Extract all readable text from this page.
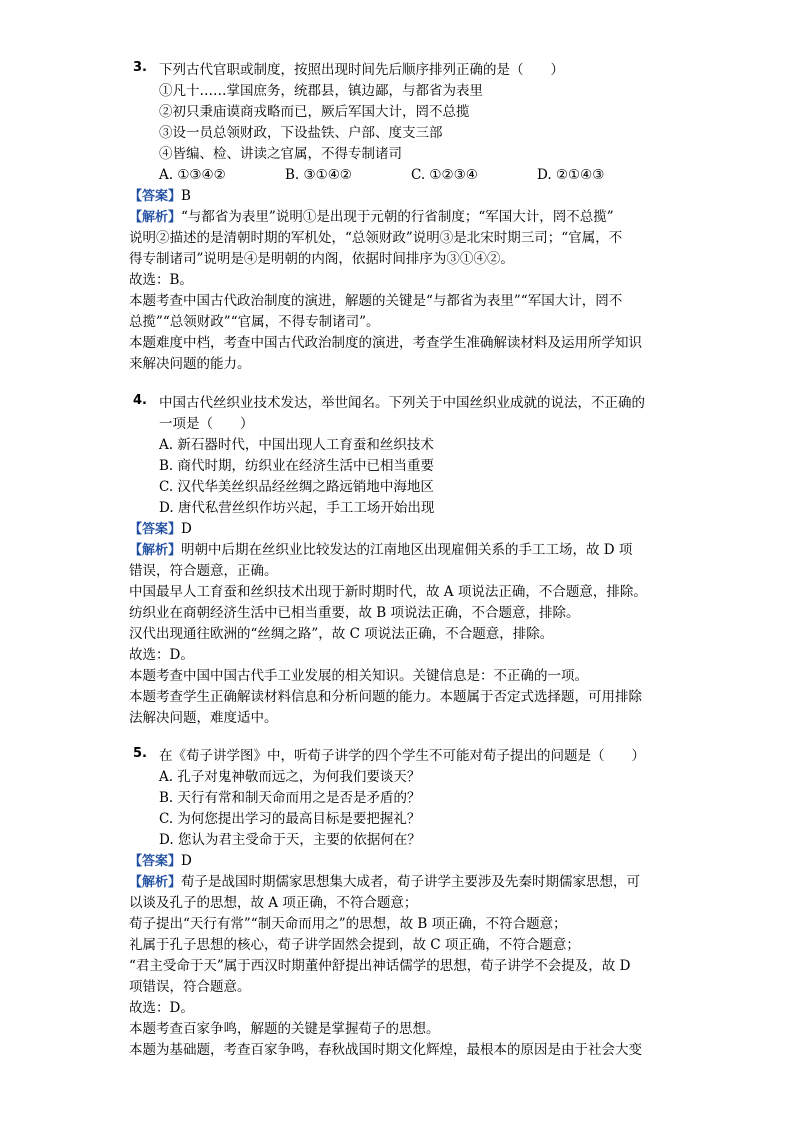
3. 下列古代官职或制度，按照出现时间先后顺序排列正确的是（　　）
①凡十……掌国庶务，统郡县，镇边鄙，与都省为表里
②初只秉庙谟商戎略而已，厥后军国大计，罔不总揽
③设一员总领财政，下设盐铁、户部、度支三部
④皆编、检、讲读之官属，不得专制诸司
A. ①③④②	B. ③①④②	C. ①②③④	D. ②①④③
【答案】B
【解析】“与都省为表里”说明①是出现于元朝的行省制度；“军国大计，罔不总揽”
说明②描述的是清朝时期的军机处，“总领财政”说明③是北宋时期三司；“官属，不
得专制诸司”说明是④是明朝的内阁，依据时间排序为③①④②。
故选：B。
本题考查中国古代政治制度的演进，解题的关键是“与都省为表里”“军国大计，罔不
总揽”“总领财政”“官属，不得专制诸司”。
本题难度中档，考查中国古代政治制度的演进，考查学生准确解读材料及运用所学知识
来解决问题的能力。
4. 中国古代丝织业技术发达，举世闻名。下列关于中国丝织业成就的说法，不正确的
一项是（　　）
A. 新石器时代，中国出现人工育蚕和丝织技术
B. 商代时期，纺织业在经济生活中已相当重要
C. 汉代华美丝织品经丝绸之路远销地中海地区
D. 唐代私营丝织作坊兴起，手工工场开始出现
【答案】D
【解析】明朝中后期在丝织业比较发达的江南地区出现雇佣关系的手工工场，故 D 项
错误，符合题意，正确。
中国最早人工育蚕和丝织技术出现于新时期时代，故 A 项说法正确，不合题意，排除。
纺织业在商朝经济生活中已相当重要，故 B 项说法正确，不合题意，排除。
汉代出现通往欧洲的“丝绸之路”，故 C 项说法正确，不合题意，排除。
故选：D。
本题考查中国中国古代手工业发展的相关知识。关键信息是：不正确的一项。
本题考查学生正确解读材料信息和分析问题的能力。本题属于否定式选择题，可用排除
法解决问题，难度适中。
5. 在《荀子讲学图》中，听荀子讲学的四个学生不可能对荀子提出的问题是（　　）
A. 孔子对鬼神敬而远之，为何我们要谈天？
B. 天行有常和制天命而用之是否是矛盾的？
C. 为何您提出学习的最高目标是要把握礼？
D. 您认为君主受命于天，主要的依据何在？
【答案】D
【解析】荀子是战国时期儒家思想集大成者，荀子讲学主要涉及先秦时期儒家思想，可
以谈及孔子的思想，故 A 项正确，不符合题意；
荀子提出“天行有常”“制天命而用之”的思想，故 B 项正确，不符合题意；
礼属于孔子思想的核心，荀子讲学固然会提到，故 C 项正确，不符合题意；
“君主受命于天”属于西汉时期董仲舒提出神话儒学的思想，荀子讲学不会提及，故 D
项错误，符合题意。
故选：D。
本题考查百家争鸣，解题的关键是掌握荀子的思想。
本题为基础题，考查百家争鸣，春秋战国时期文化辉煌，最根本的原因是由于社会大变
